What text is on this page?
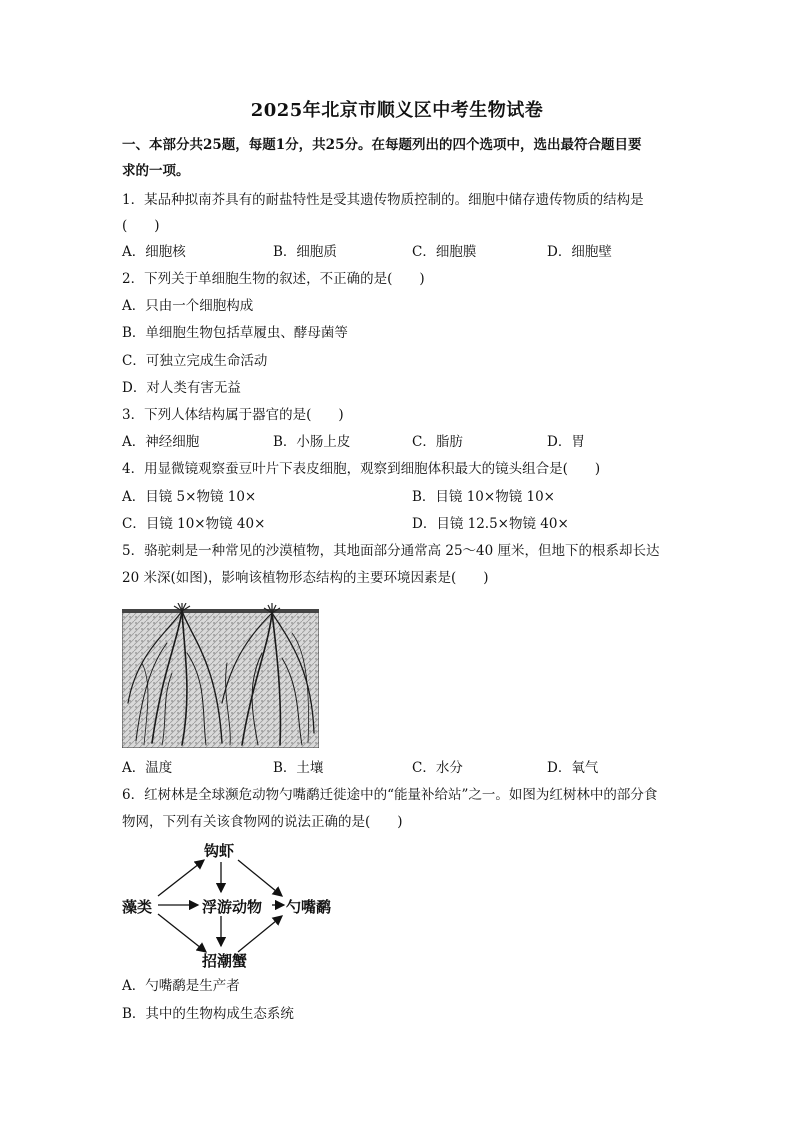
2025年北京市顺义区中考生物试卷
一、本部分共25题，每题1分，共25分。在每题列出的四个选项中，选出最符合题目要
求的一项。
1．某品种拟南芥具有的耐盐特性是受其遗传物质控制的。细胞中储存遗传物质的结构是
(　　)
A．细胞核	B．细胞质	C．细胞膜	D．细胞壁
2．下列关于单细胞生物的叙述，不正确的是(　　)
A．只由一个细胞构成
B．单细胞生物包括草履虫、酵母菌等
C．可独立完成生命活动
D．对人类有害无益
3．下列人体结构属于器官的是(　　)
A．神经细胞	B．小肠上皮	C．脂肪	D．胃
4．用显微镜观察蚕豆叶片下表皮细胞，观察到细胞体积最大的镜头组合是(　　)
A．目镜 5×物镜 10×	B．目镜 10×物镜 10×
C．目镜 10×物镜 40×	D．目镜 12.5×物镜 40×
5．骆驼刺是一种常见的沙漠植物，其地面部分通常高 25～40 厘米，但地下的根系却长达
20 米深(如图)，影响该植物形态结构的主要环境因素是(　　)
A．温度	B．土壤	C．水分	D．氧气
6．红树林是全球濒危动物勺嘴鹬迁徙途中的“能量补给站”之一。如图为红树林中的部分食
物网，下列有关该食物网的说法正确的是(　　)
钩虾
藻类	浮游动物 勺嘴鹬
招潮蟹
A．勺嘴鹬是生产者
B．其中的生物构成生态系统
